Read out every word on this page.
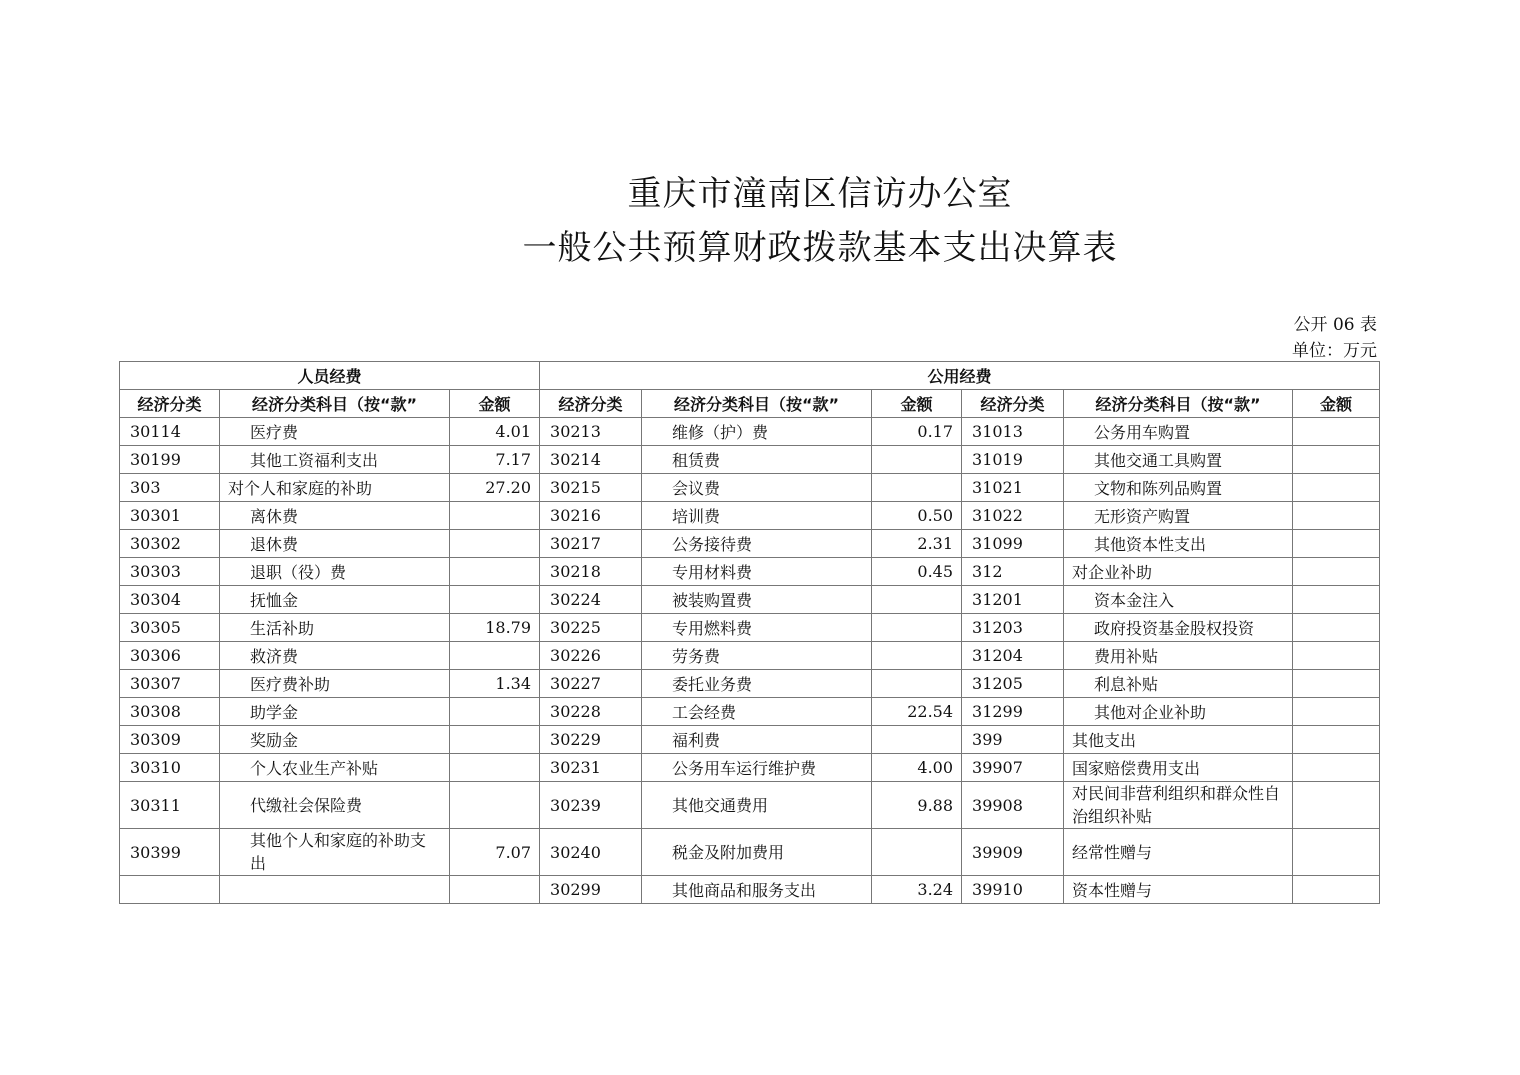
重庆市潼南区信访办公室
一般公共预算财政拨款基本支出决算表
公开 06 表
单位：万元
人员经费			公用经费					
经济分类	经济分类科目（按“款”	金额	经济分类	经济分类科目（按“款”	金额	经济分类	经济分类科目（按“款”	金额
30114	医疗费	4.01	30213	维修（护）费	0.17	31013	公务用车购置	
30199	其他工资福利支出	7.17	30214	租赁费		31019	其他交通工具购置	
303	对个人和家庭的补助	27.20	30215	会议费		31021	文物和陈列品购置	
30301	离休费		30216	培训费	0.50	31022	无形资产购置	
30302	退休费		30217	公务接待费	2.31	31099	其他资本性支出	
30303	退职（役）费		30218	专用材料费	0.45	312	对企业补助	
30304	抚恤金		30224	被装购置费		31201	资本金注入	
30305	生活补助	18.79	30225	专用燃料费		31203	政府投资基金股权投资	
30306	救济费		30226	劳务费		31204	费用补贴	
30307	医疗费补助	1.34	30227	委托业务费		31205	利息补贴	
30308	助学金		30228	工会经费	22.54	31299	其他对企业补助	
30309	奖励金		30229	福利费		399	其他支出	
30310	个人农业生产补贴		30231	公务用车运行维护费	4.00	39907	国家赔偿费用支出	
30311	代缴社会保险费		30239	其他交通费用	9.88	39908	对民间非营利组织和群众性自治组织补贴	
30399	其他个人和家庭的补助支出	7.07	30240	税金及附加费用		39909	经常性赠与	
			30299	其他商品和服务支出	3.24	39910	资本性赠与	
